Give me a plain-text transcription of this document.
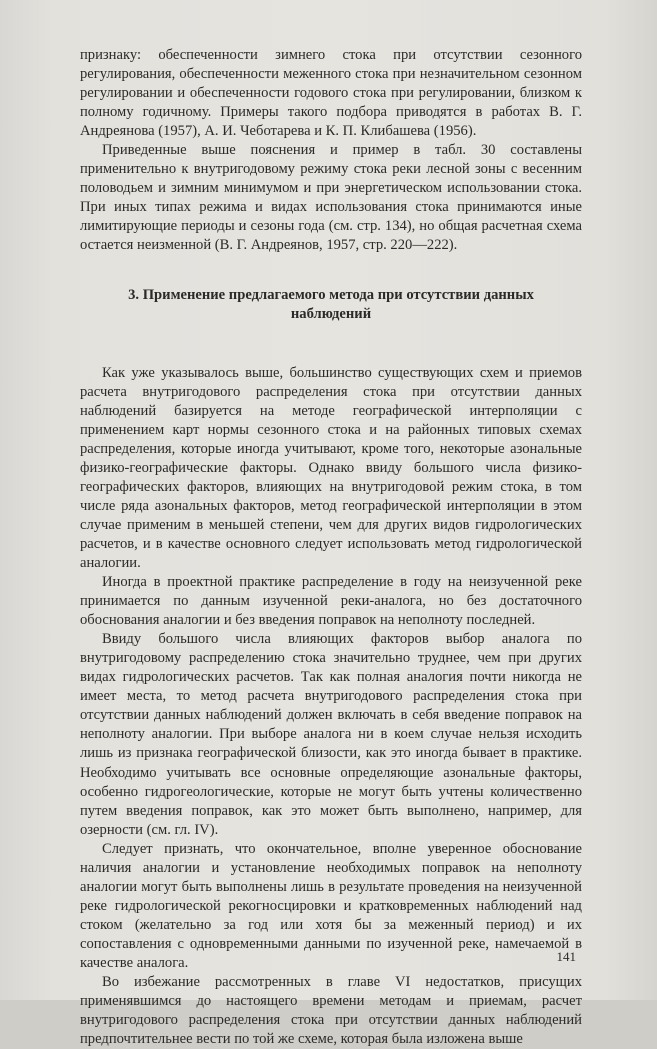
признаку: обеспеченности зимнего стока при отсутствии сезонного регулирования, обеспеченности меженного стока при незначительном сезонном регулировании и обеспеченности годового стока при регулировании, близком к полному годичному. Примеры такого подбора приводятся в работах В. Г. Андреянова (1957), А. И. Чеботарева и К. П. Клибашева (1956).

Приведенные выше пояснения и пример в табл. 30 составлены применительно к внутригодовому режиму стока реки лесной зоны с весенним половодьем и зимним минимумом и при энергетическом использовании стока. При иных типах режима и видах использования стока принимаются иные лимитирующие периоды и сезоны года (см. стр. 134), но общая расчетная схема остается неизменной (В. Г. Андреянов, 1957, стр. 220—222).

3. Применение предлагаемого метода при отсутствии данных наблюдений

Как уже указывалось выше, большинство существующих схем и приемов расчета внутригодового распределения стока при отсутствии данных наблюдений базируется на методе географической интерполяции с применением карт нормы сезонного стока и на районных типовых схемах распределения, которые иногда учитывают, кроме того, некоторые азональные физико-географические факторы. Однако ввиду большого числа физико-географических факторов, влияющих на внутригодовой режим стока, в том числе ряда азональных факторов, метод географической интерполяции в этом случае применим в меньшей степени, чем для других видов гидрологических расчетов, и в качестве основного следует использовать метод гидрологической аналогии.

Иногда в проектной практике распределение в году на неизученной реке принимается по данным изученной реки-аналога, но без достаточного обоснования аналогии и без введения поправок на неполноту последней.

Ввиду большого числа влияющих факторов выбор аналога по внутригодовому распределению стока значительно труднее, чем при других видах гидрологических расчетов. Так как полная аналогия почти никогда не имеет места, то метод расчета внутригодового распределения стока при отсутствии данных наблюдений должен включать в себя введение поправок на неполноту аналогии. При выборе аналога ни в коем случае нельзя исходить лишь из признака географической близости, как это иногда бывает в практике. Необходимо учитывать все основные определяющие азональные факторы, особенно гидрогеологические, которые не могут быть учтены количественно путем введения поправок, как это может быть выполнено, например, для озерности (см. гл. IV).

Следует признать, что окончательное, вполне уверенное обоснование наличия аналогии и установление необходимых поправок на неполноту аналогии могут быть выполнены лишь в результате проведения на неизученной реке гидрологической рекогносцировки и кратковременных наблюдений над стоком (желательно за год или хотя бы за меженный период) и их сопоставления с одновременными данными по изученной реке, намечаемой в качестве аналога.

Во избежание рассмотренных в главе VI недостатков, присущих применявшимся до настоящего времени методам и приемам, расчет внутригодового распределения стока при отсутствии данных наблюдений предпочтительнее вести по той же схеме, которая была изложена выше

141
